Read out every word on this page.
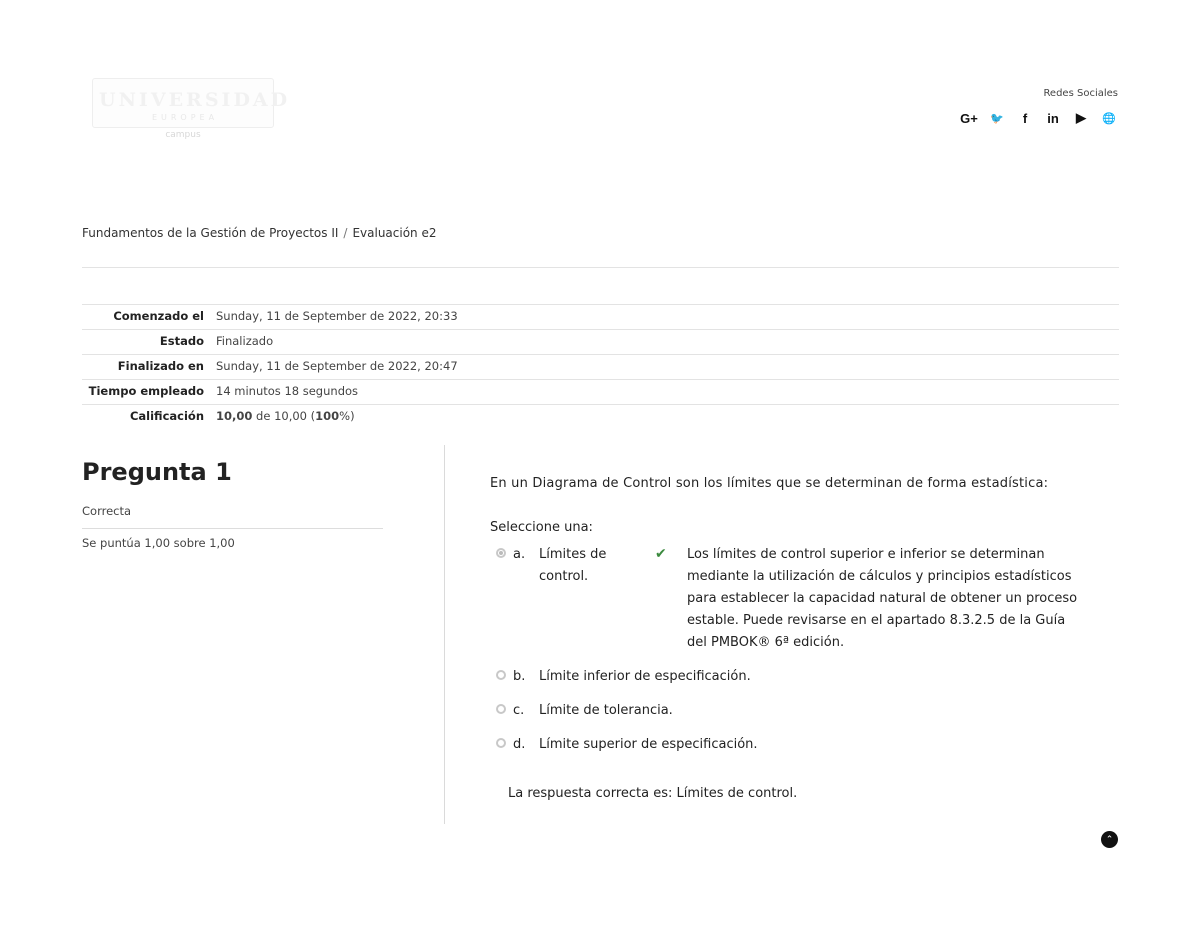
UNIVERSIDAD
EUROPEA
campus
Redes Sociales
G+ 🐦	f	in	▶	🌐
Fundamentos de la Gestión de Proyectos II / Evaluación e2
Comenzado el	Sunday, 11 de September de 2022, 20:33
Estado	Finalizado
Finalizado en	Sunday, 11 de September de 2022, 20:47
Tiempo empleado	14 minutos 18 segundos
Calificación	10,00 de 10,00 (100%)
Pregunta 1
Correcta
Se puntúa 1,00 sobre 1,00
En un Diagrama de Control son los límites que se determinan de forma estadística:
Seleccione una:
a.	Límites de control.
✔	Los límites de control superior e inferior se determinan mediante la utilización de cálculos y principios estadísticos para establecer la capacidad natural de obtener un proceso estable. Puede revisarse en el apartado 8.3.2.5 de la Guía del PMBOK® 6ª edición.
b.	Límite inferior de especificación.
c.	Límite de tolerancia.
d.	Límite superior de especificación.
La respuesta correcta es: Límites de control.
⌃
